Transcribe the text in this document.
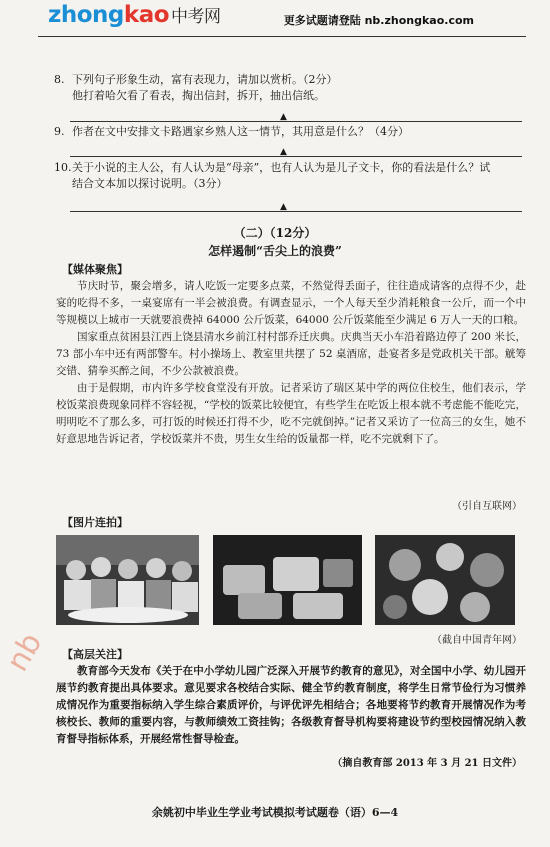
zhongkao 中考网	更多试题请登陆 nb.zhongkao.com
8. 下列句子形象生动，富有表现力，请加以赏析。（2分）
他打着哈欠看了看表，掏出信封，拆开，抽出信纸。
▲
9. 作者在文中安排文卡路遇家乡熟人这一情节，其用意是什么？（4分）
▲
10.关于小说的主人公，有人认为是“母亲”，也有人认为是儿子文卡，你的看法是什么？试
结合文本加以探讨说明。（3分）
▲
（二）（12分）
怎样遏制“舌尖上的浪费”
【媒体聚焦】

节庆时节，聚会增多，请人吃饭一定要多点菜，不然觉得丢面子，往往造成请客的点得不少，赴宴的吃得不多，一桌宴席有一半会被浪费。有调查显示，一个人每天至少消耗粮食一公斤，而一个中等规模以上城市一天就要浪费掉 64000 公斤饭菜，64000 公斤饭菜能至少满足 6 万人一天的口粮。

国家重点贫困县江西上饶县清水乡前江村村部乔迁庆典。庆典当天小车沿着路边停了 200 米长，73 部小车中还有两部警车。村小操场上、教室里共摆了 52 桌酒席，赴宴者多是党政机关干部。觥筹交错、猜拳买醉之间，不少公款被浪费。

由于是假期，市内许多学校食堂没有开放。记者采访了瑞区某中学的两位住校生，他们表示，学校饭菜浪费现象同样不容轻视，“学校的饭菜比较便宜，有些学生在吃饭上根本就不考虑能不能吃完，明明吃不了那么多，可打饭的时候还打得不少，吃不完就倒掉。”记者又采访了一位高三的女生，她不好意思地告诉记者，学校饭菜并不贵，男生女生给的饭量都一样，吃不完就剩下了。

（引自互联网）
【图片连拍】
（截自中国青年网）
【高层关注】

教育部今天发布《关于在中小学幼儿园广泛深入开展节约教育的意见》，对全国中小学、幼儿园开展节约教育提出具体要求。意见要求各校结合实际、健全节约教育制度，将学生日常节俭行为习惯养成情况作为重要指标纳入学生综合素质评价，与评优评先相结合；各地要将节约教育开展情况作为考核校长、教师的重要内容，与教师绩效工资挂钩；各级教育督导机构要将建设节约型校园情况纳入教育督导指标体系，开展经常性督导检查。

（摘自教育部 2013 年 3 月 21 日文件）
nb
余姚初中毕业生学业考试模拟考试题卷（语）6—4
